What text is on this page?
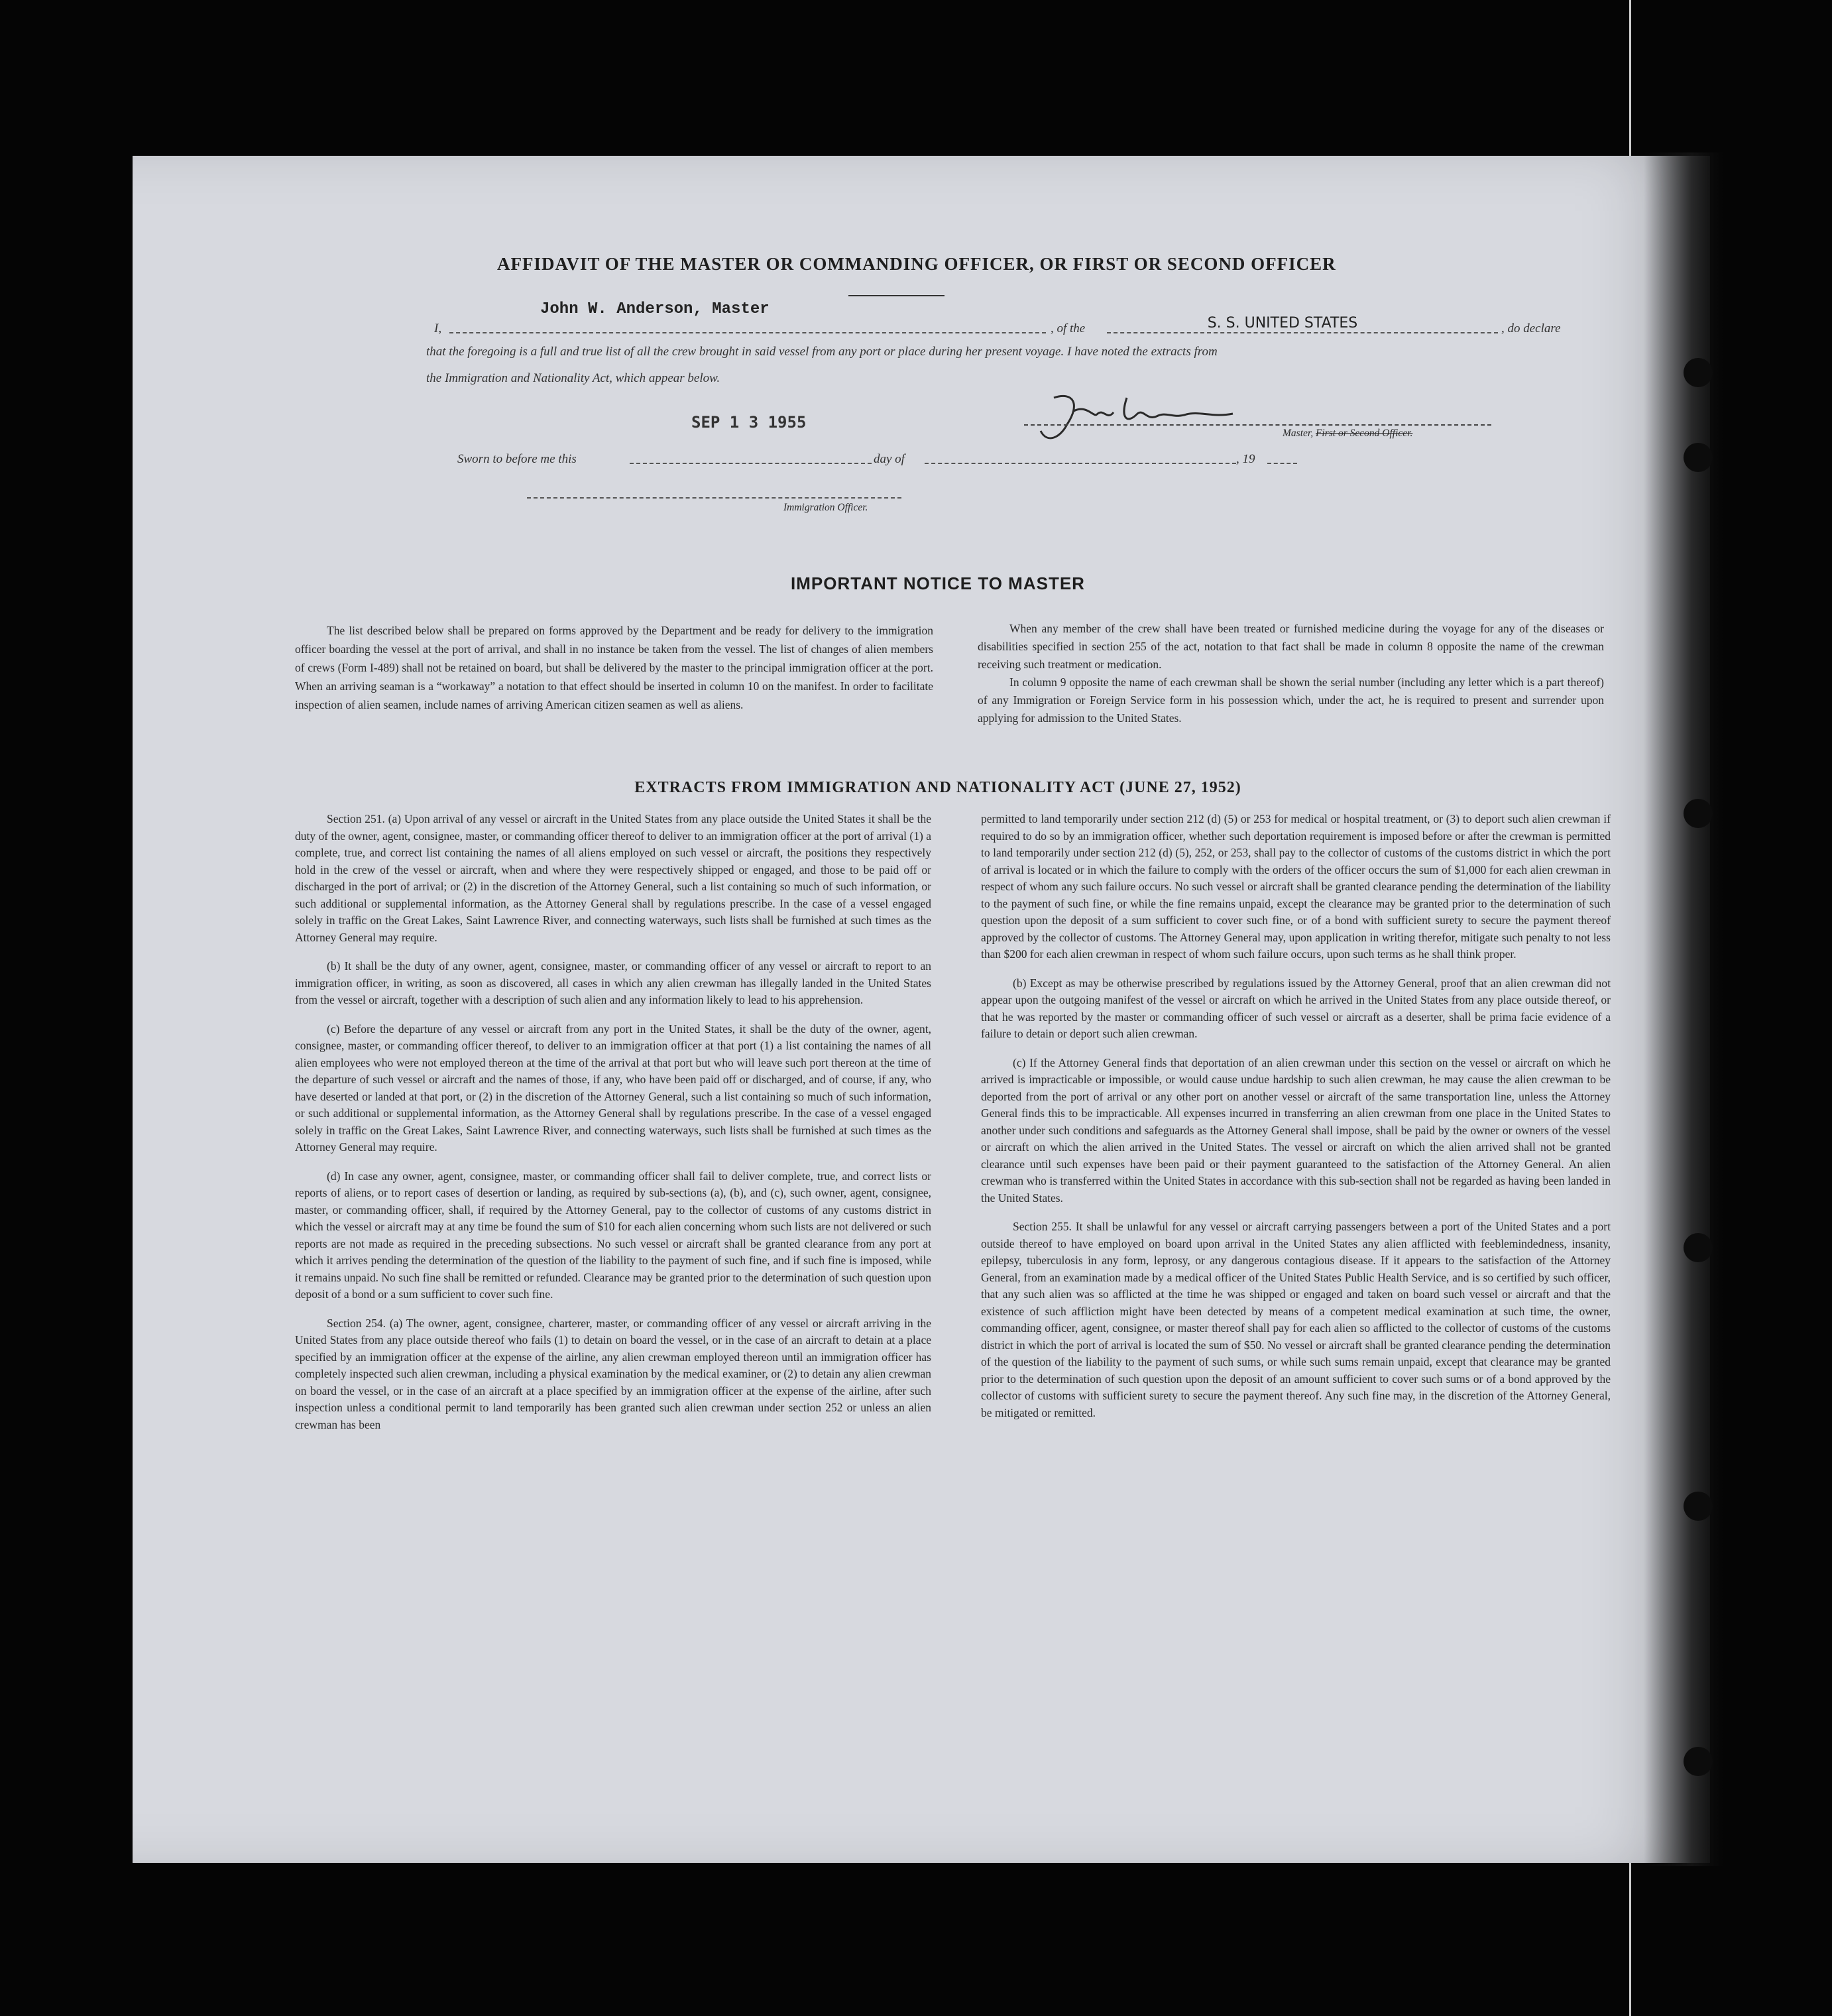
AFFIDAVIT OF THE MASTER OR COMMANDING OFFICER, OR FIRST OR SECOND OFFICER
John W. Anderson, Master
I,	, of the	S. S. UNITED STATES	, do declare
that the foregoing is a full and true list of all the crew brought in said vessel from any port or place during her present voyage. I have noted the extracts from
the Immigration and Nationality Act, which appear below.
SEP 1 3 1955
Master, First or Second Officer.
Sworn to before me this	day of	, 19
Immigration Officer.
IMPORTANT NOTICE TO MASTER

The list described below shall be prepared on forms approved by the Department and be ready for delivery to the immigration officer boarding the vessel at the port of arrival, and shall in no instance be taken from the vessel. The list of changes of alien members of crews (Form I-489) shall not be retained on board, but shall be delivered by the master to the principal immigration officer at the port. When an arriving seaman is a “workaway” a notation to that effect should be inserted in column 10 on the manifest. In order to facilitate inspection of alien seamen, include names of arriving American citizen seamen as well as aliens.

When any member of the crew shall have been treated or furnished medicine during the voyage for any of the diseases or disabilities specified in section 255 of the act, notation to that fact shall be made in column 8 opposite the name of the crewman receiving such treatment or medication.

In column 9 opposite the name of each crewman shall be shown the serial number (including any letter which is a part thereof) of any Immigration or Foreign Service form in his possession which, under the act, he is required to present and surrender upon applying for admission to the United States.

EXTRACTS FROM IMMIGRATION AND NATIONALITY ACT (JUNE 27, 1952)

Section 251. (a) Upon arrival of any vessel or aircraft in the United States from any place outside the United States it shall be the duty of the owner, agent, consignee, master, or commanding officer thereof to deliver to an immigration officer at the port of arrival (1) a complete, true, and correct list containing the names of all aliens employed on such vessel or aircraft, the positions they respectively hold in the crew of the vessel or aircraft, when and where they were respectively shipped or engaged, and those to be paid off or discharged in the port of arrival; or (2) in the discretion of the Attorney General, such a list containing so much of such information, or such additional or supplemental information, as the Attorney General shall by regulations prescribe. In the case of a vessel engaged solely in traffic on the Great Lakes, Saint Lawrence River, and connecting waterways, such lists shall be furnished at such times as the Attorney General may require.

(b) It shall be the duty of any owner, agent, consignee, master, or commanding officer of any vessel or aircraft to report to an immigration officer, in writing, as soon as discovered, all cases in which any alien crewman has illegally landed in the United States from the vessel or aircraft, together with a description of such alien and any information likely to lead to his apprehension.

(c) Before the departure of any vessel or aircraft from any port in the United States, it shall be the duty of the owner, agent, consignee, master, or commanding officer thereof, to deliver to an immigration officer at that port (1) a list containing the names of all alien employees who were not employed thereon at the time of the arrival at that port but who will leave such port thereon at the time of the departure of such vessel or aircraft and the names of those, if any, who have been paid off or discharged, and of course, if any, who have deserted or landed at that port, or (2) in the discretion of the Attorney General, such a list containing so much of such information, or such additional or supplemental information, as the Attorney General shall by regulations prescribe. In the case of a vessel engaged solely in traffic on the Great Lakes, Saint Lawrence River, and connecting waterways, such lists shall be furnished at such times as the Attorney General may require.

(d) In case any owner, agent, consignee, master, or commanding officer shall fail to deliver complete, true, and correct lists or reports of aliens, or to report cases of desertion or landing, as required by sub-sections (a), (b), and (c), such owner, agent, consignee, master, or commanding officer, shall, if required by the Attorney General, pay to the collector of customs of any customs district in which the vessel or aircraft may at any time be found the sum of $10 for each alien concerning whom such lists are not delivered or such reports are not made as required in the preceding subsections. No such vessel or aircraft shall be granted clearance from any port at which it arrives pending the determination of the question of the liability to the payment of such fine, and if such fine is imposed, while it remains unpaid. No such fine shall be remitted or refunded. Clearance may be granted prior to the determination of such question upon deposit of a bond or a sum sufficient to cover such fine.

Section 254. (a) The owner, agent, consignee, charterer, master, or commanding officer of any vessel or aircraft arriving in the United States from any place outside thereof who fails (1) to detain on board the vessel, or in the case of an aircraft to detain at a place specified by an immigration officer at the expense of the airline, any alien crewman employed thereon until an immigration officer has completely inspected such alien crewman, including a physical examination by the medical examiner, or (2) to detain any alien crewman on board the vessel, or in the case of an aircraft at a place specified by an immigration officer at the expense of the airline, after such inspection unless a conditional permit to land temporarily has been granted such alien crewman under section 252 or unless an alien crewman has been

permitted to land temporarily under section 212 (d) (5) or 253 for medical or hospital treatment, or (3) to deport such alien crewman if required to do so by an immigration officer, whether such deportation requirement is imposed before or after the crewman is permitted to land temporarily under section 212 (d) (5), 252, or 253, shall pay to the collector of customs of the customs district in which the port of arrival is located or in which the failure to comply with the orders of the officer occurs the sum of $1,000 for each alien crewman in respect of whom any such failure occurs. No such vessel or aircraft shall be granted clearance pending the determination of the liability to the payment of such fine, or while the fine remains unpaid, except the clearance may be granted prior to the determination of such question upon the deposit of a sum sufficient to cover such fine, or of a bond with sufficient surety to secure the payment thereof approved by the collector of customs. The Attorney General may, upon application in writing therefor, mitigate such penalty to not less than $200 for each alien crewman in respect of whom such failure occurs, upon such terms as he shall think proper.

(b) Except as may be otherwise prescribed by regulations issued by the Attorney General, proof that an alien crewman did not appear upon the outgoing manifest of the vessel or aircraft on which he arrived in the United States from any place outside thereof, or that he was reported by the master or commanding officer of such vessel or aircraft as a deserter, shall be prima facie evidence of a failure to detain or deport such alien crewman.

(c) If the Attorney General finds that deportation of an alien crewman under this section on the vessel or aircraft on which he arrived is impracticable or impossible, or would cause undue hardship to such alien crewman, he may cause the alien crewman to be deported from the port of arrival or any other port on another vessel or aircraft of the same transportation line, unless the Attorney General finds this to be impracticable. All expenses incurred in transferring an alien crewman from one place in the United States to another under such conditions and safeguards as the Attorney General shall impose, shall be paid by the owner or owners of the vessel or aircraft on which the alien arrived in the United States. The vessel or aircraft on which the alien arrived shall not be granted clearance until such expenses have been paid or their payment guaranteed to the satisfaction of the Attorney General. An alien crewman who is transferred within the United States in accordance with this sub-section shall not be regarded as having been landed in the United States.

Section 255. It shall be unlawful for any vessel or aircraft carrying passengers between a port of the United States and a port outside thereof to have employed on board upon arrival in the United States any alien afflicted with feeblemindedness, insanity, epilepsy, tuberculosis in any form, leprosy, or any dangerous contagious disease. If it appears to the satisfaction of the Attorney General, from an examination made by a medical officer of the United States Public Health Service, and is so certified by such officer, that any such alien was so afflicted at the time he was shipped or engaged and taken on board such vessel or aircraft and that the existence of such affliction might have been detected by means of a competent medical examination at such time, the owner, commanding officer, agent, consignee, or master thereof shall pay for each alien so afflicted to the collector of customs of the customs district in which the port of arrival is located the sum of $50. No vessel or aircraft shall be granted clearance pending the determination of the question of the liability to the payment of such sums, or while such sums remain unpaid, except that clearance may be granted prior to the determination of such question upon the deposit of an amount sufficient to cover such sums or of a bond approved by the collector of customs with sufficient surety to secure the payment thereof. Any such fine may, in the discretion of the Attorney General, be mitigated or remitted.
